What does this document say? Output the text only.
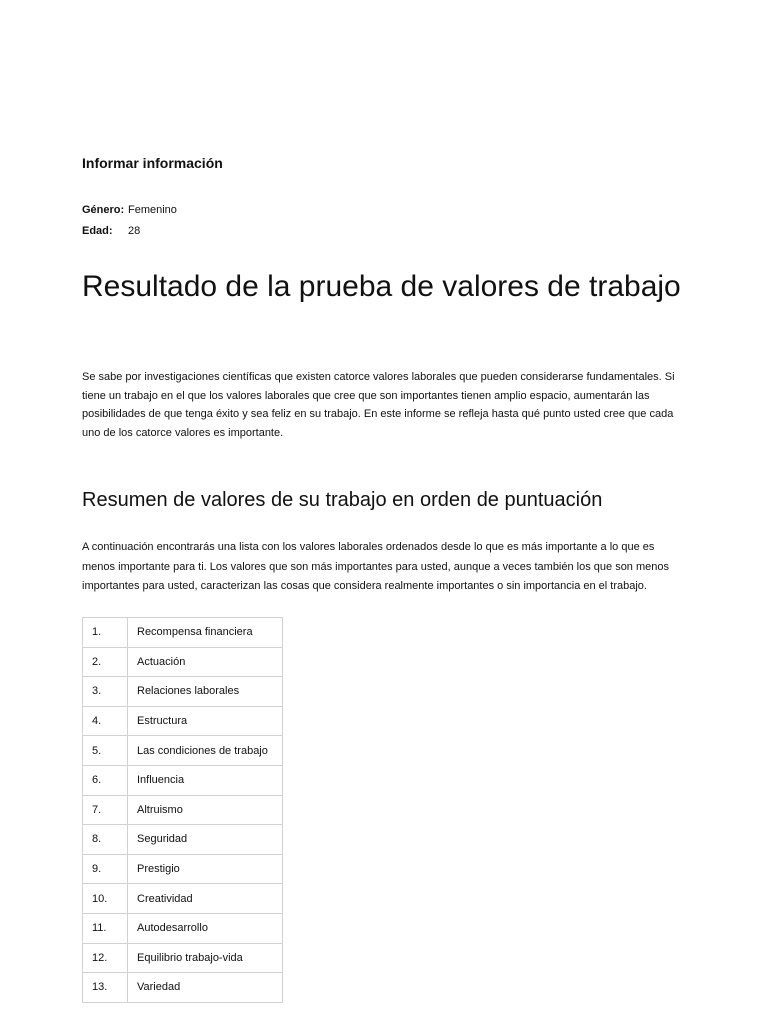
Informar información
Género: Femenino
Edad:	28
Resultado de la prueba de valores de trabajo

Se sabe por investigaciones científicas que existen catorce valores laborales que pueden considerarse fundamentales. Si tiene un trabajo en el que los valores laborales que cree que son importantes tienen amplio espacio, aumentarán las posibilidades de que tenga éxito y sea feliz en su trabajo. En este informe se refleja hasta qué punto usted cree que cada uno de los catorce valores es importante.

Resumen de valores de su trabajo en orden de puntuación

A continuación encontrarás una lista con los valores laborales ordenados desde lo que es más importante a lo que es menos importante para ti. Los valores que son más importantes para usted, aunque a veces también los que son menos importantes para usted, caracterizan las cosas que considera realmente importantes o sin importancia en el trabajo.

1.	Recompensa financiera
2.	Actuación
3.	Relaciones laborales
4.	Estructura
5.	Las condiciones de trabajo
6.	Influencia
7.	Altruismo
8.	Seguridad
9.	Prestigio
10.	Creatividad
11.	Autodesarrollo
12.	Equilibrio trabajo-vida
13.	Variedad
